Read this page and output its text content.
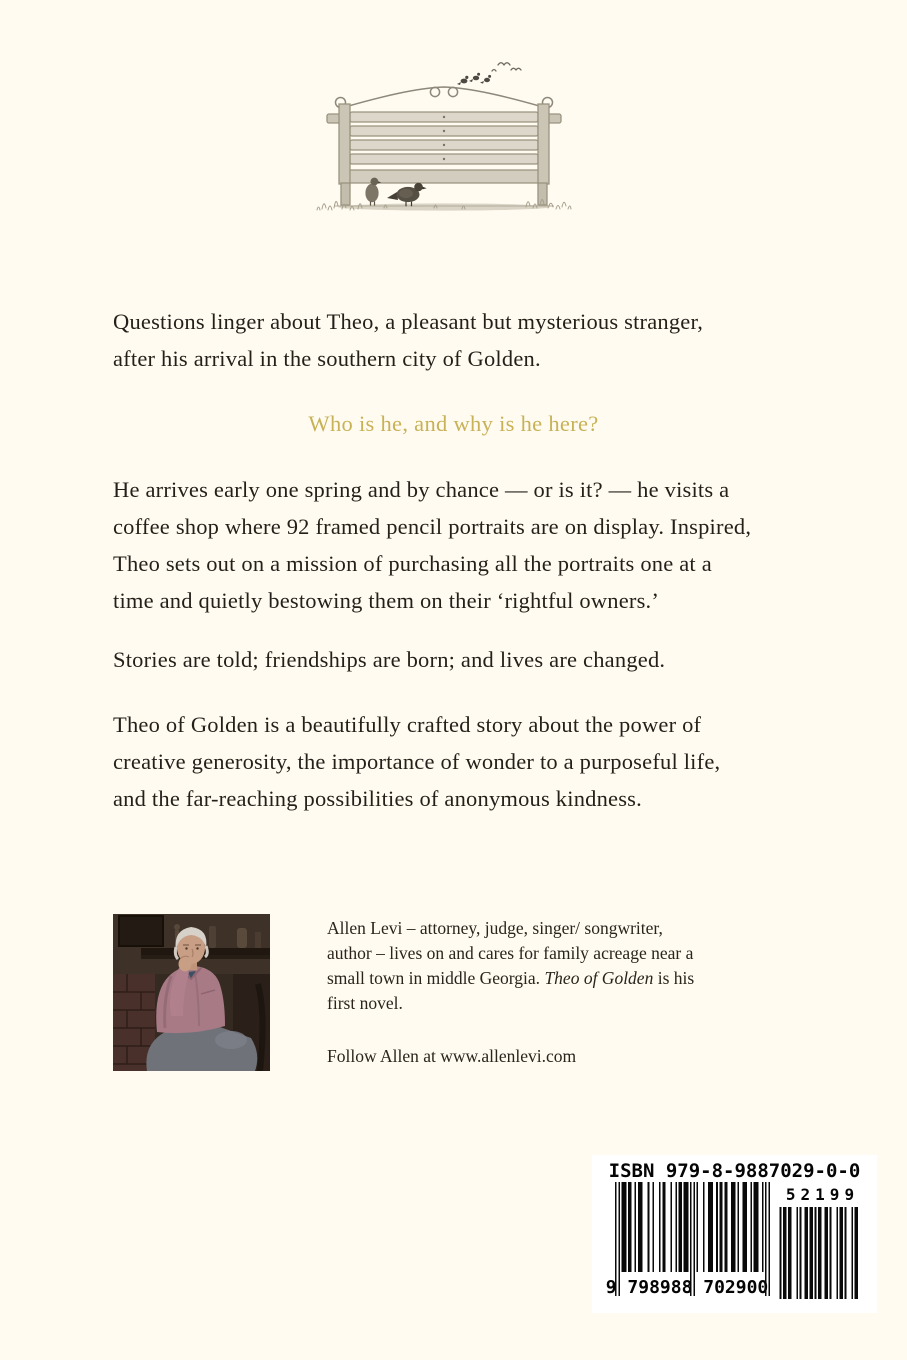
Questions linger about Theo, a pleasant but mysterious stranger,
after his arrival in the southern city of Golden.
Who is he, and why is he here?
He arrives early one spring and by chance — or is it? — he visits a
coffee shop where 92 framed pencil portraits are on display. Inspired,
Theo sets out on a mission of purchasing all the portraits one at a
time and quietly bestowing them on their ‘rightful owners.’
Stories are told; friendships are born; and lives are changed.
Theo of Golden is a beautifully crafted story about the power of
creative generosity, the importance of wonder to a purposeful life,
and the far-reaching possibilities of anonymous kindness.
Allen Levi – attorney, judge, singer/ songwriter,
author – lives on and cares for family acreage near a
small town in middle Georgia. Theo of Golden is his
first novel.
Follow Allen at www.allenlevi.com
ISBN 979-8-9887029-0-0
9 798988 702900
52199
